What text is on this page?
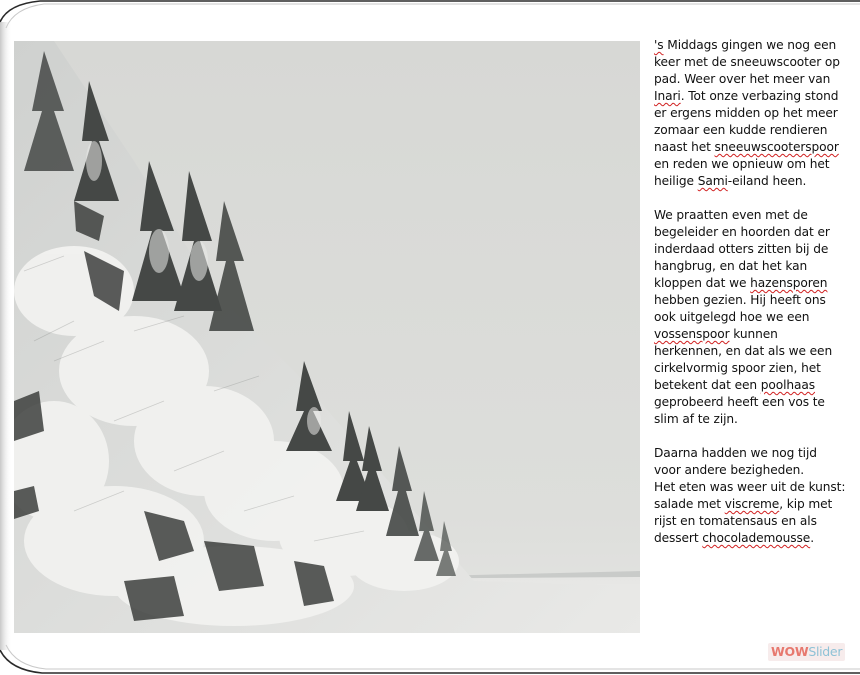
's Middags gingen we nog een
keer met de sneeuwscooter op
pad. Weer over het meer van
Inari. Tot onze verbazing stond
er ergens midden op het meer
zomaar een kudde rendieren
naast het sneeuwscooterspoor
en reden we opnieuw om het
heilige Sami-eiland heen.

We praatten even met de
begeleider en hoorden dat er
inderdaad otters zitten bij de
hangbrug, en dat het kan
kloppen dat we hazensporen
hebben gezien. Hij heeft ons
ook uitgelegd hoe we een
vossenspoor kunnen
herkennen, en dat als we een
cirkelvormig spoor zien, het
betekent dat een poolhaas
geprobeerd heeft een vos te
slim af te zijn.

Daarna hadden we nog tijd
voor andere bezigheden.
Het eten was weer uit de kunst:
salade met viscreme, kip met
rijst en tomatensaus en als
dessert chocolademousse.

WOWSlider
